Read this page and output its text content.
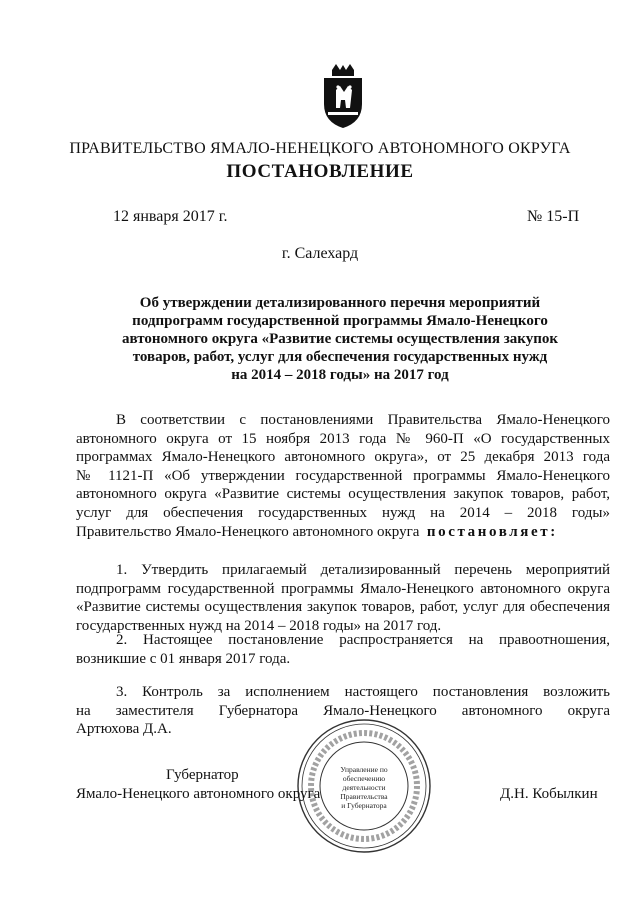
ПРАВИТЕЛЬСТВО ЯМАЛО-НЕНЕЦКОГО АВТОНОМНОГО ОКРУГА
ПОСТАНОВЛЕНИЕ
12 января 2017 г.	№ 15-П
г. Салехард
Об утверждении детализированного перечня мероприятий
подпрограмм государственной программы Ямало-Ненецкого
автономного округа «Развитие системы осуществления закупок
товаров, работ, услуг для обеспечения государственных нужд
на 2014 – 2018 годы» на 2017 год
В соответствии с постановлениями Правительства Ямало-Ненецкого
автономного округа от 15 ноября 2013 года № 960-П «О государственных
программах Ямало-Ненецкого автономного округа», от 25 декабря 2013 года
№ 1121-П «Об утверждении государственной программы Ямало-Ненецкого
автономного округа «Развитие системы осуществления закупок товаров, работ,
услуг для обеспечения государственных нужд на 2014 – 2018 годы»
Правительство Ямало-Ненецкого автономного округа постановляет:
1. Утвердить прилагаемый детализированный перечень мероприятий
подпрограмм государственной программы Ямало-Ненецкого автономного округа
«Развитие системы осуществления закупок товаров, работ, услуг для обеспечения
государственных нужд на 2014 – 2018 годы» на 2017 год.
2. Настоящее постановление распространяется на правоотношения,
возникшие с 01 января 2017 года.
3. Контроль за исполнением настоящего постановления возложить
на заместителя Губернатора Ямало-Ненецкого автономного округа
Артюхова Д.А.
Управление по
обеспечению
деятельности
Правительства
и Губернатора
Губернатор
Ямало-Ненецкого автономного округа	Д.Н. Кобылкин
